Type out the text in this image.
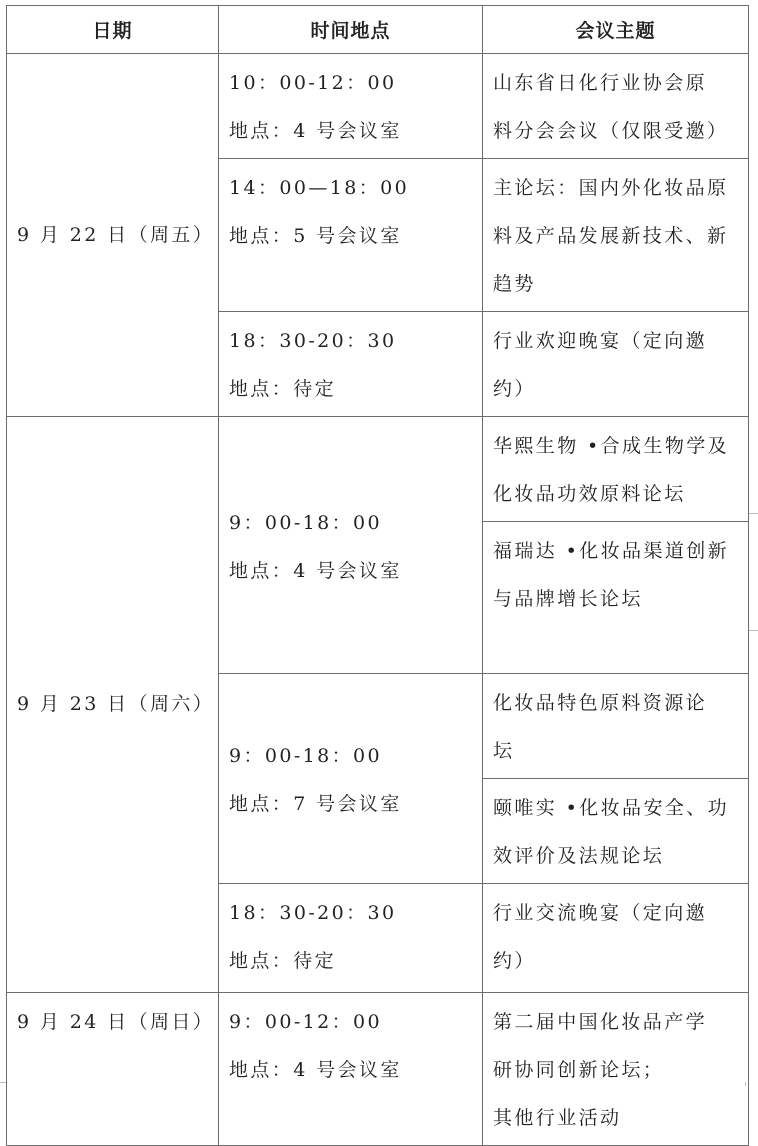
日期	时间地点	会议主题
10：00-12：00
地点：4 号会议室
山东省日化行业协会原
料分会会议（仅限受邀）
14：00—18：00
地点：5 号会议室
主论坛：国内外化妆品原
料及产品发展新技术、新
趋势
18：30-20：30
地点：待定
行业欢迎晚宴（定向邀
约）
9 月 22 日（周五）
9：00-18：00
地点：4 号会议室
华熙生物 •合成生物学及
化妆品功效原料论坛
福瑞达 •化妆品渠道创新
与品牌增长论坛
9：00-18：00
地点：7 号会议室
化妆品特色原料资源论
坛
颐唯实 •化妆品安全、功
效评价及法规论坛
18：30-20：30
地点：待定
行业交流晚宴（定向邀
约）
9 月 23 日（周六）
9：00-12：00
地点：4 号会议室
第二届中国化妆品产学
研协同创新论坛；
其他行业活动
9 月 24 日（周日）
